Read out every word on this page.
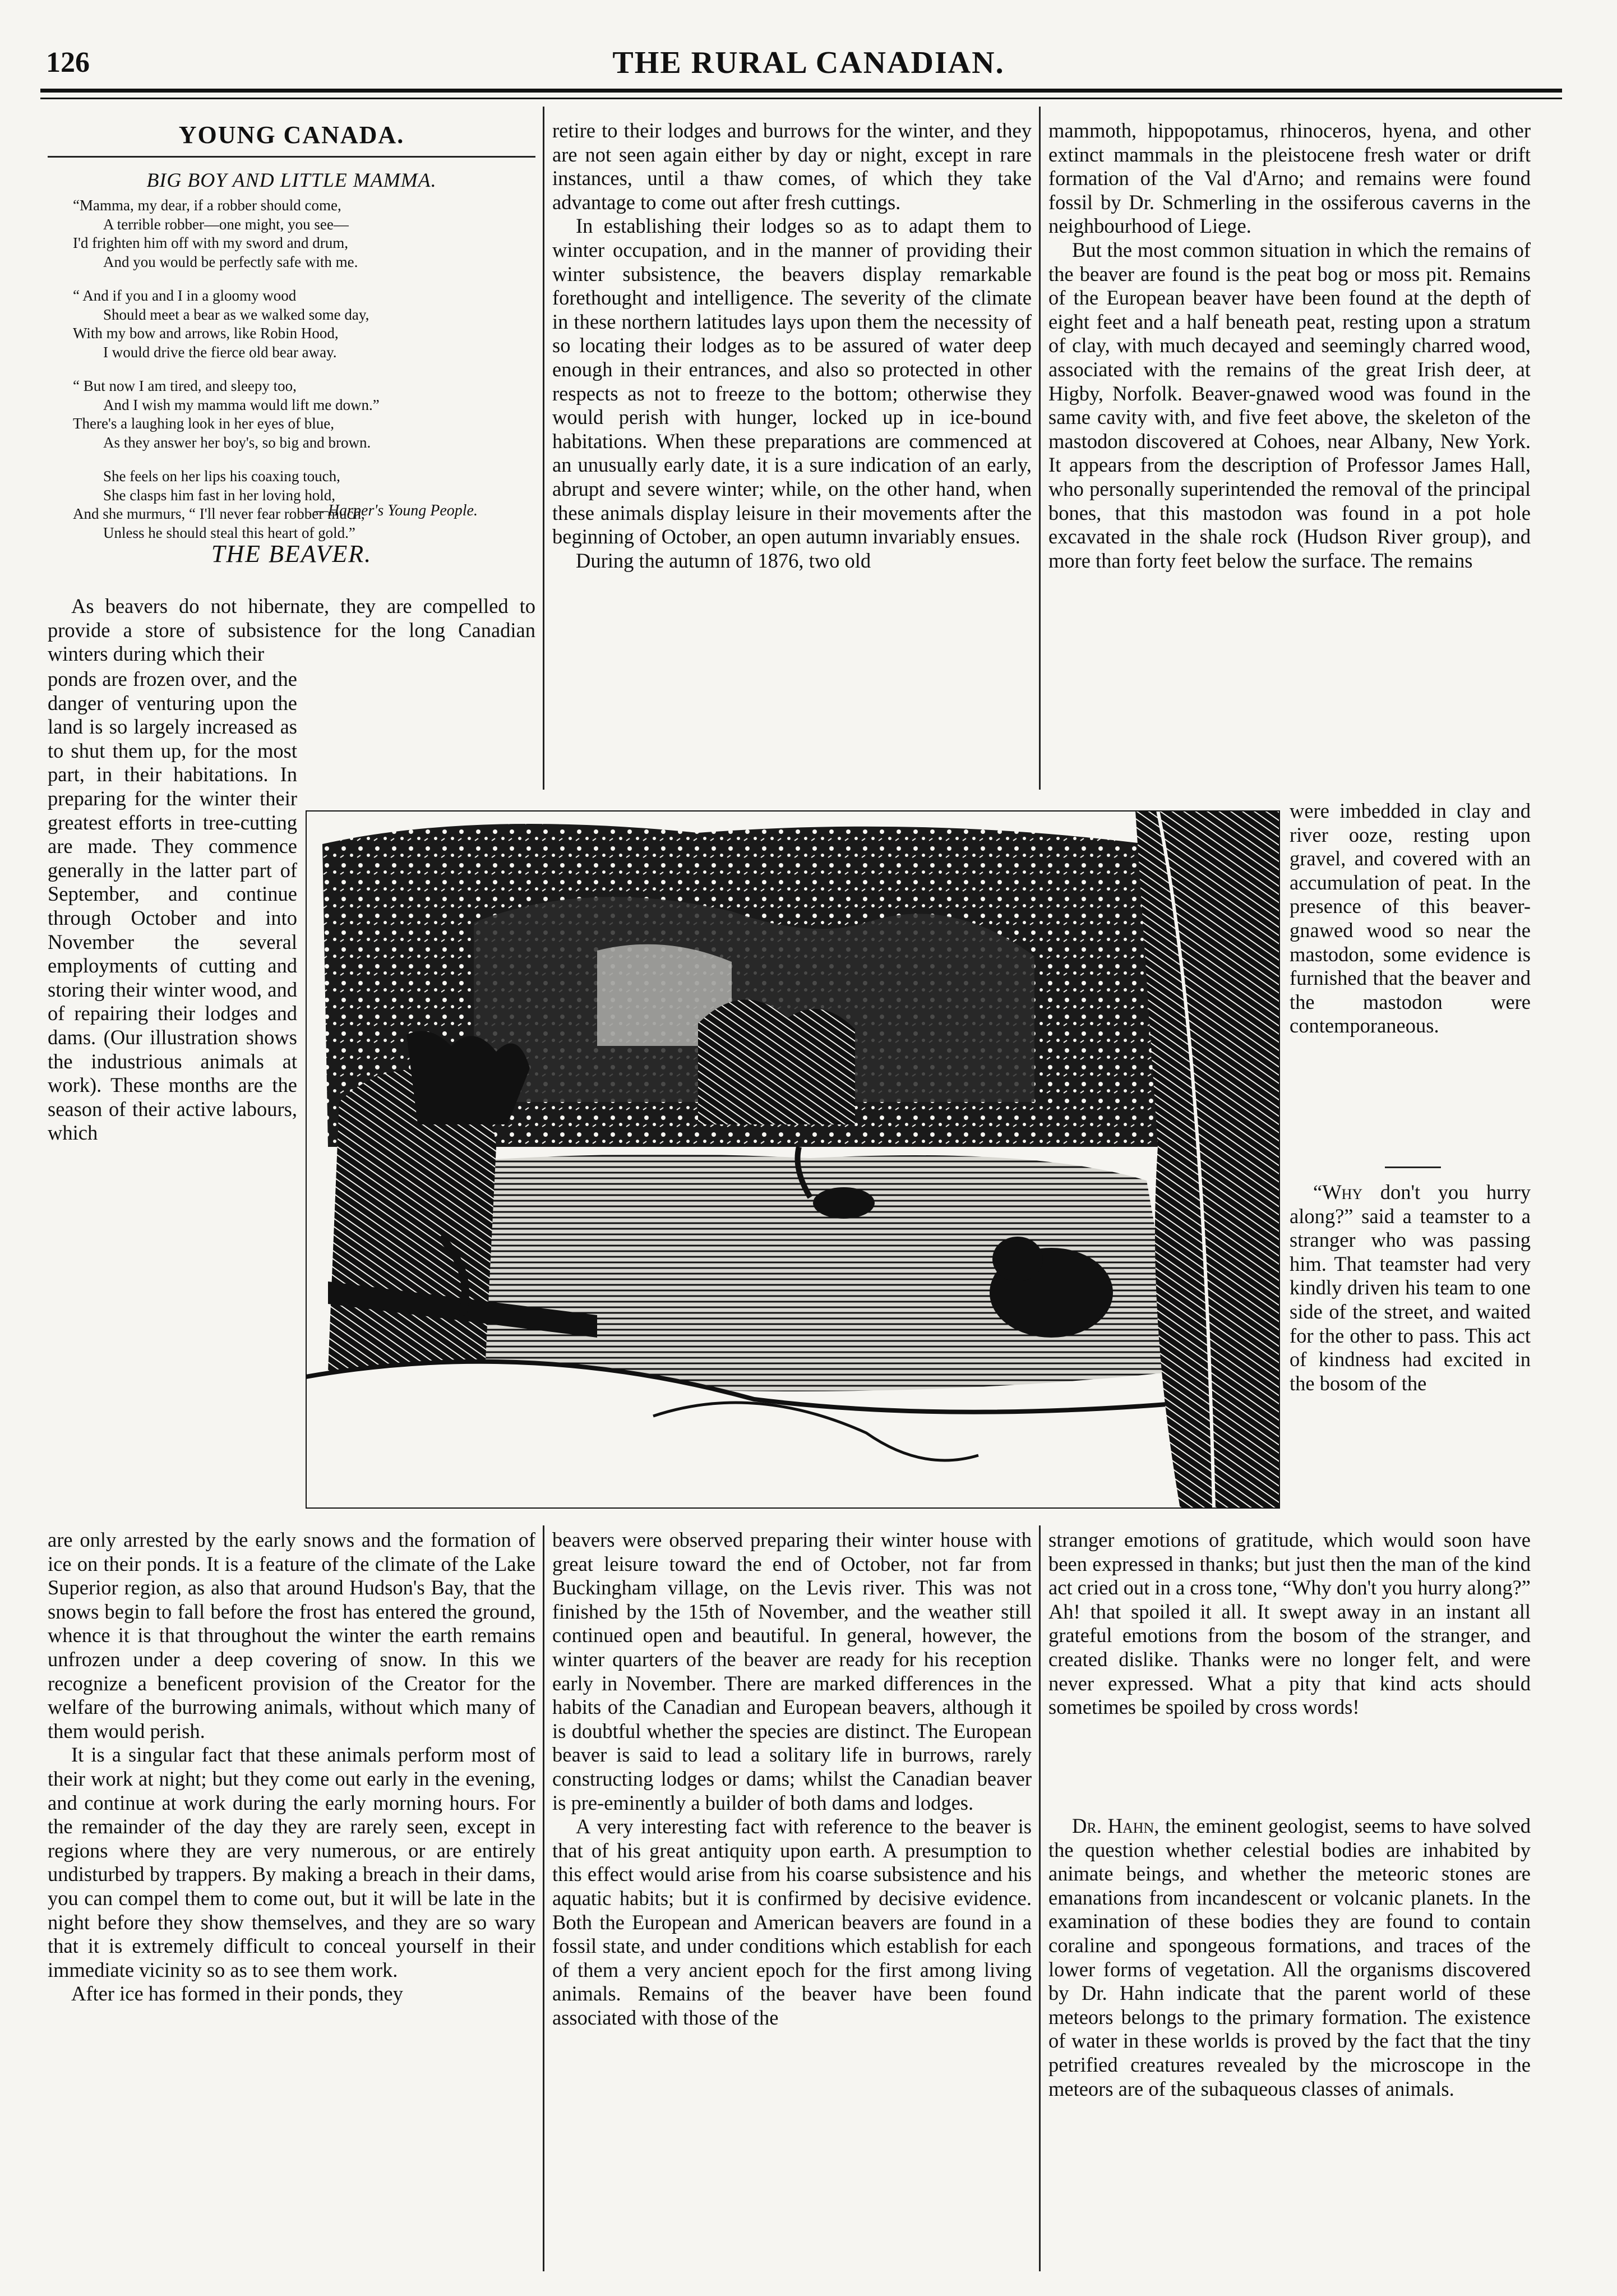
126	THE RURAL CANADIAN.
YOUNG CANADA.
BIG BOY AND LITTLE MAMMA.
“Mamma, my dear, if a robber should come,
A terrible robber—one might, you see—
I'd frighten him off with my sword and drum,
And you would be perfectly safe with me.
“ And if you and I in a gloomy wood
Should meet a bear as we walked some day,
With my bow and arrows, like Robin Hood,
I would drive the fierce old bear away.
“ But now I am tired, and sleepy too,
And I wish my mamma would lift me down.”
There's a laughing look in her eyes of blue,
As they answer her boy's, so big and brown.
She feels on her lips his coaxing touch,
She clasps him fast in her loving hold,
And she murmurs, “ I'll never fear robber much,
Unless he should steal this heart of gold.”
—Harper's Young People.
THE BEAVER.

As beavers do not hibernate, they are compelled to provide a store of subsistence for the long Canadian winters during which their

ponds are frozen over, and the danger of venturing upon the land is so largely increased as to shut them up, for the most part, in their habitations. In preparing for the winter their greatest efforts in tree-cutting are made. They commence generally in the latter part of September, and continue through October and into November the several employments of cutting and storing their winter wood, and of repairing their lodges and dams. (Our illustration shows the industrious animals at work). These months are the season of their active labours, which

are only arrested by the early snows and the formation of ice on their ponds. It is a feature of the climate of the Lake Superior region, as also that around Hudson's Bay, that the snows begin to fall before the frost has entered the ground, whence it is that throughout the winter the earth remains unfrozen under a deep covering of snow. In this we recognize a beneficent provision of the Creator for the welfare of the burrowing animals, without which many of them would perish.

It is a singular fact that these animals perform most of their work at night; but they come out early in the evening, and continue at work during the early morning hours. For the remainder of the day they are rarely seen, except in regions where they are very numerous, or are entirely undisturbed by trappers. By making a breach in their dams, you can compel them to come out, but it will be late in the night before they show themselves, and they are so wary that it is extremely difficult to conceal yourself in their immediate vicinity so as to see them work.

After ice has formed in their ponds, they

retire to their lodges and burrows for the winter, and they are not seen again either by day or night, except in rare instances, until a thaw comes, of which they take advantage to come out after fresh cuttings.

In establishing their lodges so as to adapt them to winter occupation, and in the manner of providing their winter subsistence, the beavers display remarkable forethought and intelligence. The severity of the climate in these northern latitudes lays upon them the necessity of so locating their lodges as to be assured of water deep enough in their entrances, and also so protected in other respects as not to freeze to the bottom; otherwise they would perish with hunger, locked up in ice-bound habitations. When these preparations are commenced at an unusually early date, it is a sure indication of an early, abrupt and severe winter; while, on the other hand, when these animals display leisure in their movements after the beginning of October, an open autumn invariably ensues.

During the autumn of 1876, two old

beavers were observed preparing their winter house with great leisure toward the end of October, not far from Buckingham village, on the Levis river. This was not finished by the 15th of November, and the weather still continued open and beautiful. In general, however, the winter quarters of the beaver are ready for his reception early in November. There are marked differences in the habits of the Canadian and European beavers, although it is doubtful whether the species are distinct. The European beaver is said to lead a solitary life in burrows, rarely constructing lodges or dams; whilst the Canadian beaver is pre-eminently a builder of both dams and lodges.

A very interesting fact with reference to the beaver is that of his great antiquity upon earth. A presumption to this effect would arise from his coarse subsistence and his aquatic habits; but it is confirmed by decisive evidence. Both the European and American beavers are found in a fossil state, and under conditions which establish for each of them a very ancient epoch for the first among living animals. Remains of the beaver have been found associated with those of the

mammoth, hippopotamus, rhinoceros, hyena, and other extinct mammals in the pleistocene fresh water or drift formation of the Val d'Arno; and remains were found fossil by Dr. Schmerling in the ossiferous caverns in the neighbourhood of Liege.

But the most common situation in which the remains of the beaver are found is the peat bog or moss pit. Remains of the European beaver have been found at the depth of eight feet and a half beneath peat, resting upon a stratum of clay, with much decayed and seemingly charred wood, associated with the remains of the great Irish deer, at Higby, Norfolk. Beaver-gnawed wood was found in the same cavity with, and five feet above, the skeleton of the mastodon discovered at Cohoes, near Albany, New York. It appears from the description of Professor James Hall, who personally superintended the removal of the principal bones, that this mastodon was found in a pot hole excavated in the shale rock (Hudson River group), and more than forty feet below the surface. The remains

were imbedded in clay and river ooze, resting upon gravel, and covered with an accumulation of peat. In the presence of this beaver-gnawed wood so near the mastodon, some evidence is furnished that the beaver and the mastodon were contemporaneous.

“Why don't you hurry along?” said a teamster to a stranger who was passing him. That teamster had very kindly driven his team to one side of the street, and waited for the other to pass. This act of kindness had excited in the bosom of the

stranger emotions of gratitude, which would soon have been expressed in thanks; but just then the man of the kind act cried out in a cross tone, “Why don't you hurry along?” Ah! that spoiled it all. It swept away in an instant all grateful emotions from the bosom of the stranger, and created dislike. Thanks were no longer felt, and were never expressed. What a pity that kind acts should sometimes be spoiled by cross words!

Dr. Hahn, the eminent geologist, seems to have solved the question whether celestial bodies are inhabited by animate beings, and whether the meteoric stones are emanations from incandescent or volcanic planets. In the examination of these bodies they are found to contain coraline and spongeous formations, and traces of the lower forms of vegetation. All the organisms discovered by Dr. Hahn indicate that the parent world of these meteors belongs to the primary formation. The existence of water in these worlds is proved by the fact that the tiny petrified creatures revealed by the microscope in the meteors are of the subaqueous classes of animals.
